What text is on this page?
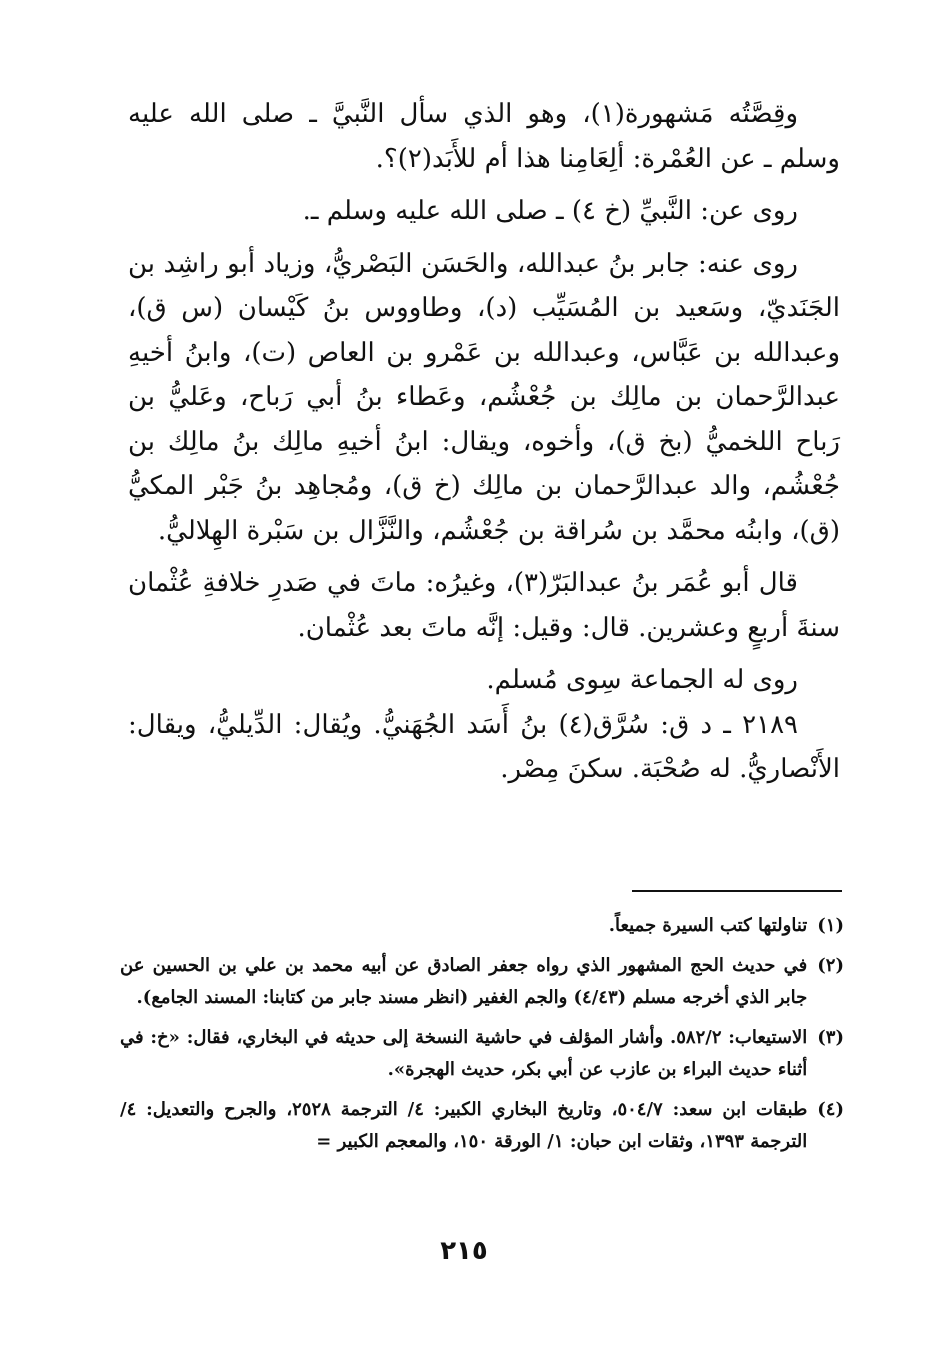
وقِصَّتُه مَشهورة(١)، وهو الذي سأل النَّبيَّ ـ صلى الله عليه وسلم ـ عن العُمْرة: ألِعَامِنا هذا أم للأَبَد(٢)؟.

روى عن: النَّبيِّ (خ ٤) ـ صلى الله عليه وسلم ـ.

روى عنه: جابر بنُ عبدالله، والحَسَن البَصْريُّ، وزياد أبو راشِد بن الجَنَديّ، وسَعيد بن المُسَيِّب (د)، وطاووس بنُ كَيْسان (س ق)، وعبدالله بن عَبَّاس، وعبدالله بن عَمْرو بن العاص (ت)، وابنُ أخيهِ عبدالرَّحمان بن مالِك بن جُعْشُم، وعَطاء بنُ أبي رَباح، وعَليُّ بن رَباح اللخميُّ (بخ ق)، وأخوه، ويقال: ابنُ أخيهِ مالِك بنُ مالِك بن جُعْشُم، والد عبدالرَّحمان بن مالِك (خ ق)، ومُجاهِد بنُ جَبْر المكيُّ (ق)، وابنُه محمَّد بن سُراقة بن جُعْشُم، والنَّزَّال بن سَبْرة الهِلاليُّ.

قال أبو عُمَر بنُ عبدالبَرّ(٣)، وغيرُه: ماتَ في صَدرِ خلافةِ عُثْمان سنةَ أربعٍ وعشرين. قال: وقيل: إنَّه ماتَ بعد عُثْمان.

روى له الجماعة سِوى مُسلم.

٢١٨٩ ـ د ق: سُرَّق(٤) بنُ أَسَد الجُهَنيُّ. ويُقال: الدِّيليُّ، ويقال: الأَنْصاريُّ. له صُحْبَة. سكنَ مِصْر.

(١)
تناولتها كتب السيرة جميعاً.
(٢)
في حديث الحج المشهور الذي رواه جعفر الصادق عن أبيه محمد بن علي بن الحسين عن جابر الذي أخرجه مسلم (٤/٤٣) والجم الغفير (انظر مسند جابر من كتابنا: المسند الجامع).
(٣)
الاستيعاب: ٥٨٢/٢. وأشار المؤلف في حاشية النسخة إلى حديثه في البخاري، فقال: «خ: في أثناء حديث البراء بن عازب عن أبي بكر، حديث الهجرة».
(٤)
طبقات ابن سعد: ٥٠٤/٧، وتاريخ البخاري الكبير: ٤/ الترجمة ٢٥٢٨، والجرح والتعديل: ٤/ الترجمة ١٣٩٣، وثقات ابن حبان: ١/ الورقة ١٥٠، والمعجم الكبير =
٢١٥
